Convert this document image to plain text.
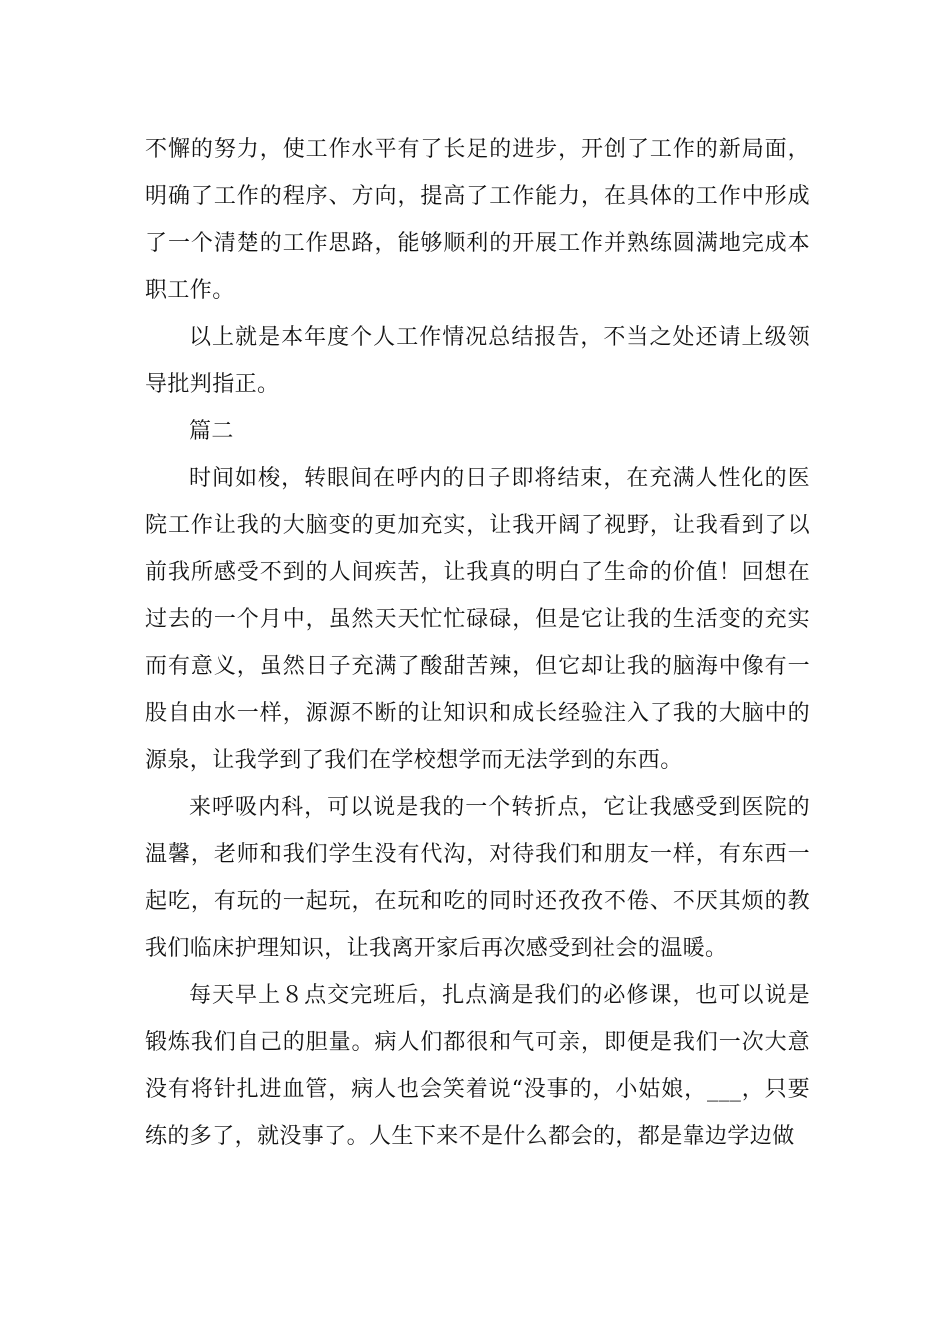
不懈的努力，使工作水平有了长足的进步，开创了工作的新局面，明确了工作的程序、方向，提高了工作能力，在具体的工作中形成了一个清楚的工作思路，能够顺利的开展工作并熟练圆满地完成本职工作。

以上就是本年度个人工作情况总结报告，不当之处还请上级领导批判指正。

篇二

时间如梭，转眼间在呼内的日子即将结束，在充满人性化的医院工作让我的大脑变的更加充实，让我开阔了视野，让我看到了以前我所感受不到的人间疾苦，让我真的明白了生命的价值！回想在过去的一个月中，虽然天天忙忙碌碌，但是它让我的生活变的充实而有意义，虽然日子充满了酸甜苦辣，但它却让我的脑海中像有一股自由水一样，源源不断的让知识和成长经验注入了我的大脑中的源泉，让我学到了我们在学校想学而无法学到的东西。

来呼吸内科，可以说是我的一个转折点，它让我感受到医院的温馨，老师和我们学生没有代沟，对待我们和朋友一样，有东西一起吃，有玩的一起玩，在玩和吃的同时还孜孜不倦、不厌其烦的教我们临床护理知识，让我离开家后再次感受到社会的温暖。

每天早上８点交完班后，扎点滴是我们的必修课，也可以说是锻炼我们自己的胆量。病人们都很和气可亲，即便是我们一次大意没有将针扎进血管，病人也会笑着说“没事的，小姑娘，___，只要练的多了，就没事了。人生下来不是什么都会的，都是靠边学边做
